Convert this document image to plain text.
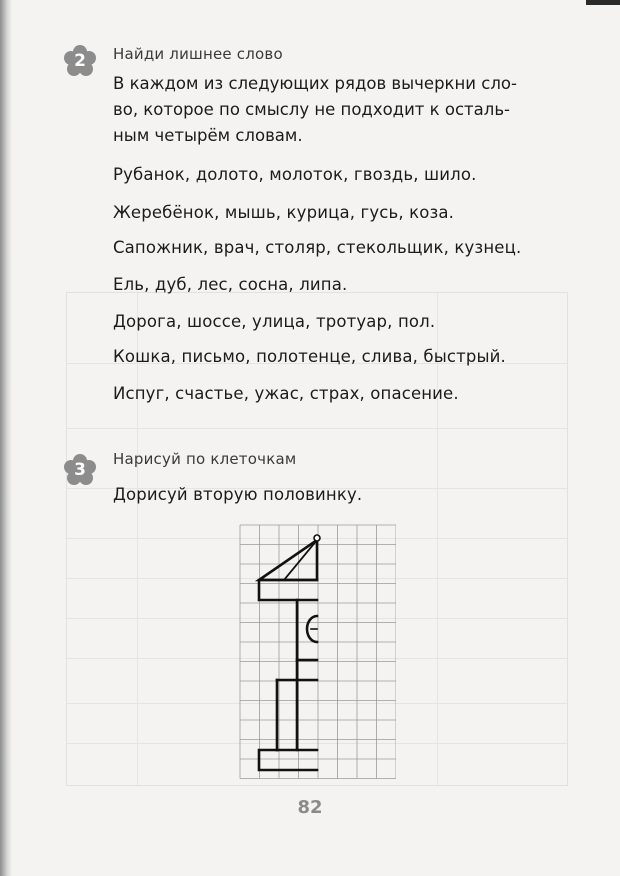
2	Найди лишнее слово
В каждом из следующих рядов вычеркни сло-
во, которое по смыслу не подходит к осталь-
ным четырём словам.
Рубанок, долото, молоток, гвоздь, шило.
Жеребёнок, мышь, курица, гусь, коза.
Сапожник, врач, столяр, стекольщик, кузнец.
Ель, дуб, лес, сосна, липа.
Дорога, шоссе, улица, тротуар, пол.
Кошка, письмо, полотенце, слива, быстрый.
Испуг, счастье, ужас, страх, опасение.
3
Нарисуй по клеточкам
Дорисуй вторую половинку.
82
